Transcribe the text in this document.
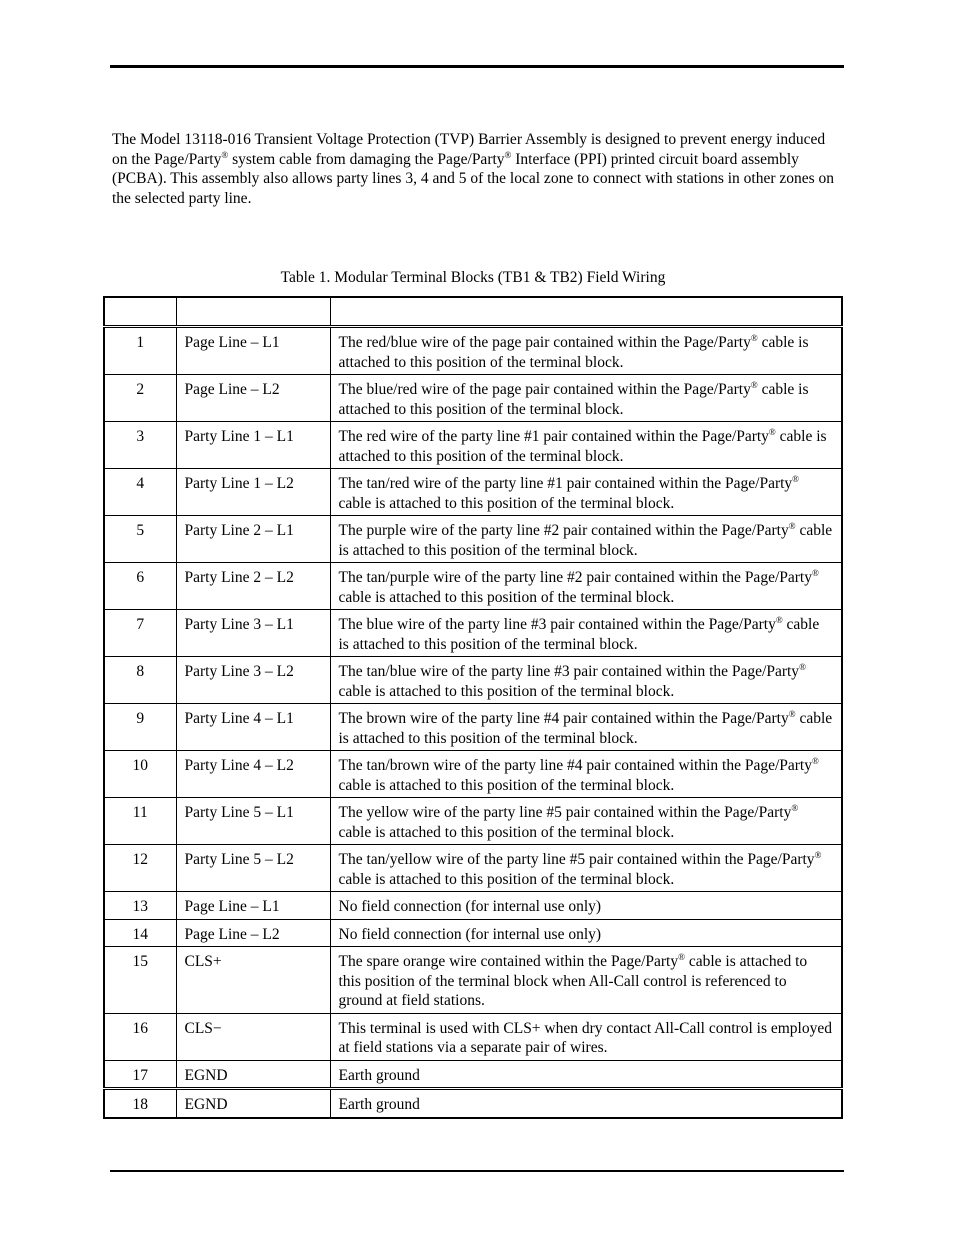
The Model 13118-016 Transient Voltage Protection (TVP) Barrier Assembly is designed to prevent energy induced on the Page/Party® system cable from damaging the Page/Party® Interface (PPI) printed circuit board assembly (PCBA). This assembly also allows party lines 3, 4 and 5 of the local zone to connect with stations in other zones on the selected party line.

Table 1. Modular Terminal Blocks (TB1 & TB2) Field Wiring

1	Page Line – L1	The red/blue wire of the page pair contained within the Page/Party® cable is attached to this position of the terminal block.
2	Page Line – L2	The blue/red wire of the page pair contained within the Page/Party® cable is attached to this position of the terminal block.
3	Party Line 1 – L1	The red wire of the party line #1 pair contained within the Page/Party® cable is attached to this position of the terminal block.
4	Party Line 1 – L2	The tan/red wire of the party line #1 pair contained within the Page/Party® cable is attached to this position of the terminal block.
5	Party Line 2 – L1	The purple wire of the party line #2 pair contained within the Page/Party® cable is attached to this position of the terminal block.
6	Party Line 2 – L2	The tan/purple wire of the party line #2 pair contained within the Page/Party® cable is attached to this position of the terminal block.
7	Party Line 3 – L1	The blue wire of the party line #3 pair contained within the Page/Party® cable is attached to this position of the terminal block.
8	Party Line 3 – L2	The tan/blue wire of the party line #3 pair contained within the Page/Party® cable is attached to this position of the terminal block.
9	Party Line 4 – L1	The brown wire of the party line #4 pair contained within the Page/Party® cable is attached to this position of the terminal block.
10	Party Line 4 – L2	The tan/brown wire of the party line #4 pair contained within the Page/Party® cable is attached to this position of the terminal block.
11	Party Line 5 – L1	The yellow wire of the party line #5 pair contained within the Page/Party® cable is attached to this position of the terminal block.
12	Party Line 5 – L2	The tan/yellow wire of the party line #5 pair contained within the Page/Party® cable is attached to this position of the terminal block.
13	Page Line – L1	No field connection (for internal use only)
14	Page Line – L2	No field connection (for internal use only)
15	CLS+	The spare orange wire contained within the Page/Party® cable is attached to this position of the terminal block when All-Call control is referenced to ground at field stations.
16	CLS−	This terminal is used with CLS+ when dry contact All-Call control is employed at field stations via a separate pair of wires.
17	EGND	Earth ground
18	EGND	Earth ground
